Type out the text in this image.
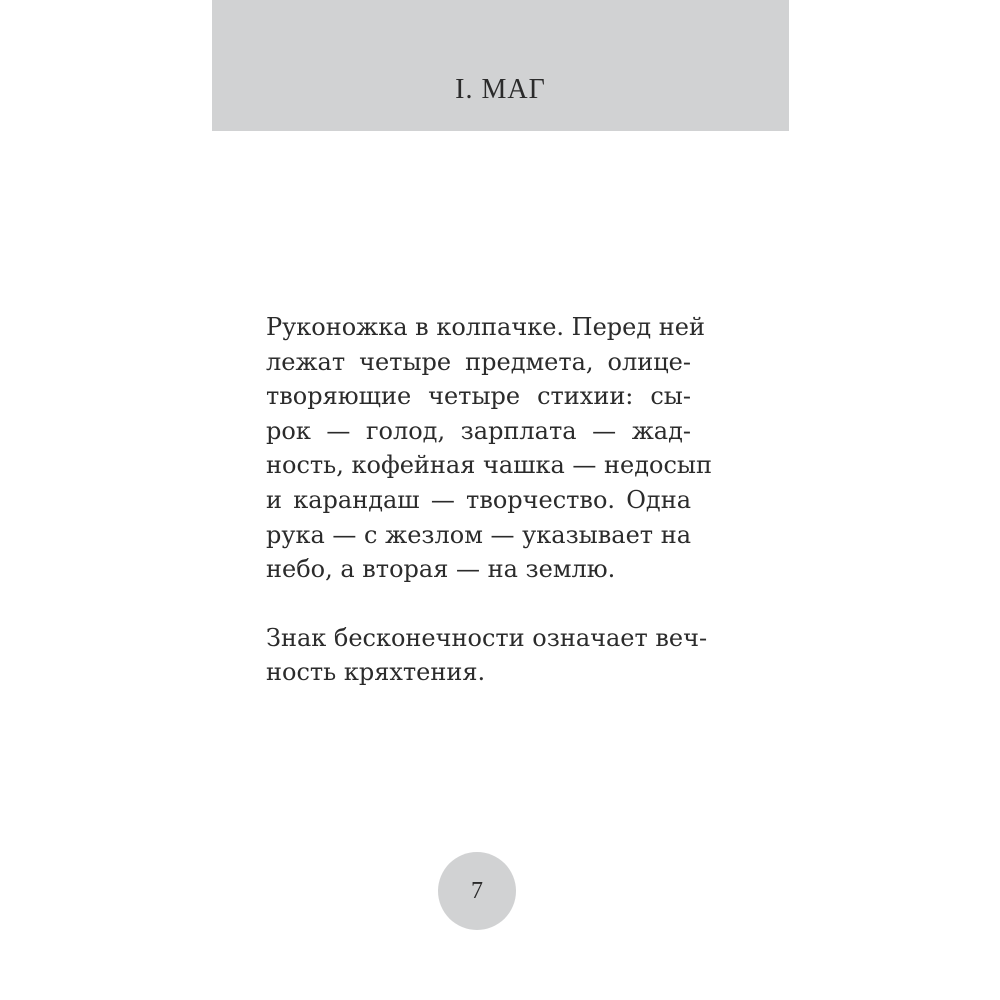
I. МАГ
Руконожка в колпачке. Перед ней
лежат четыре предмета, олице-
творяющие четыре стихии: сы-
рок — голод, зарплата — жад-
ность, кофейная чашка — недосып
и карандаш — творчество. Одна
рука — с жезлом — указывает на
небо, а вторая — на землю.
Знак бесконечности означает веч-
ность кряхтения.
7
